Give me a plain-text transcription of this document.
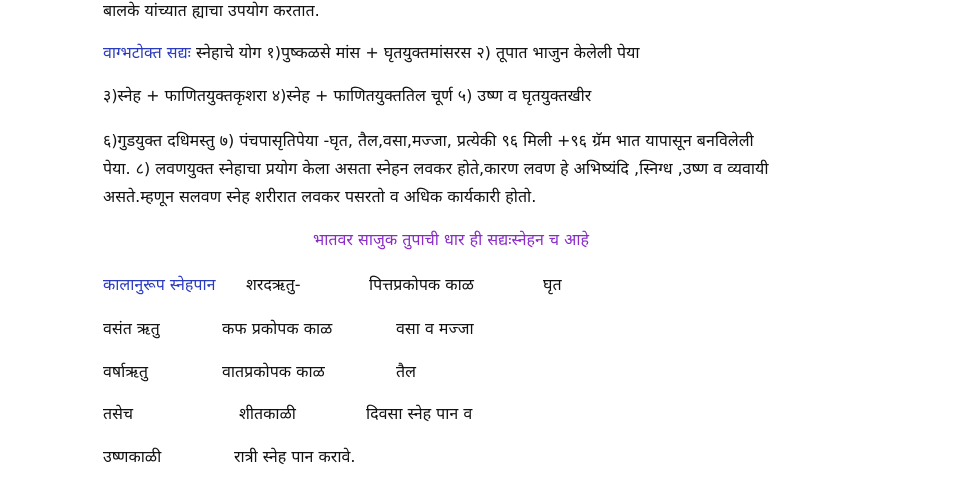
बालके यांच्यात ह्याचा उपयोग करतात.
वाग्भटोक्त सद्यः स्नेहाचे योग १)पुष्कळसे मांस + घृतयुक्तमांसरस २) तूपात भाजुन केलेली पेया
३)स्नेह + फाणितयुक्तकृशरा ४)स्नेह + फाणितयुक्ततिल चूर्ण ५) उष्ण व घृतयुक्तखीर
६)गुडयुक्त दधिमस्तु ७) पंचपासृतिपेया -घृत, तैल,वसा,मज्जा, प्रत्येकी ९६ मिली +९६ ग्रॅम भात यापासून बनविलेली
पेया. ८) लवणयुक्त स्नेहाचा प्रयोग केला असता स्नेहन लवकर होते,कारण लवण हे अभिष्यंदि ,स्निग्ध ,उष्ण व व्यवायी
असते.म्हणून सलवण स्नेह शरीरात लवकर पसरतो व अधिक कार्यकारी होतो.
भातवर साजुक तुपाची धार ही सद्यःस्नेहन च आहे
कालानुरूप स्नेहपान शरदऋतु-	पित्तप्रकोपक काळ	घृत
वसंत ऋतु	कफ प्रकोपक काळ	वसा व मज्जा
वर्षाऋतु	वातप्रकोपक काळ	तैल
तसेच	शीतकाळी	दिवसा स्नेह पान व
उष्णकाळी	रात्री स्नेह पान करावे.
